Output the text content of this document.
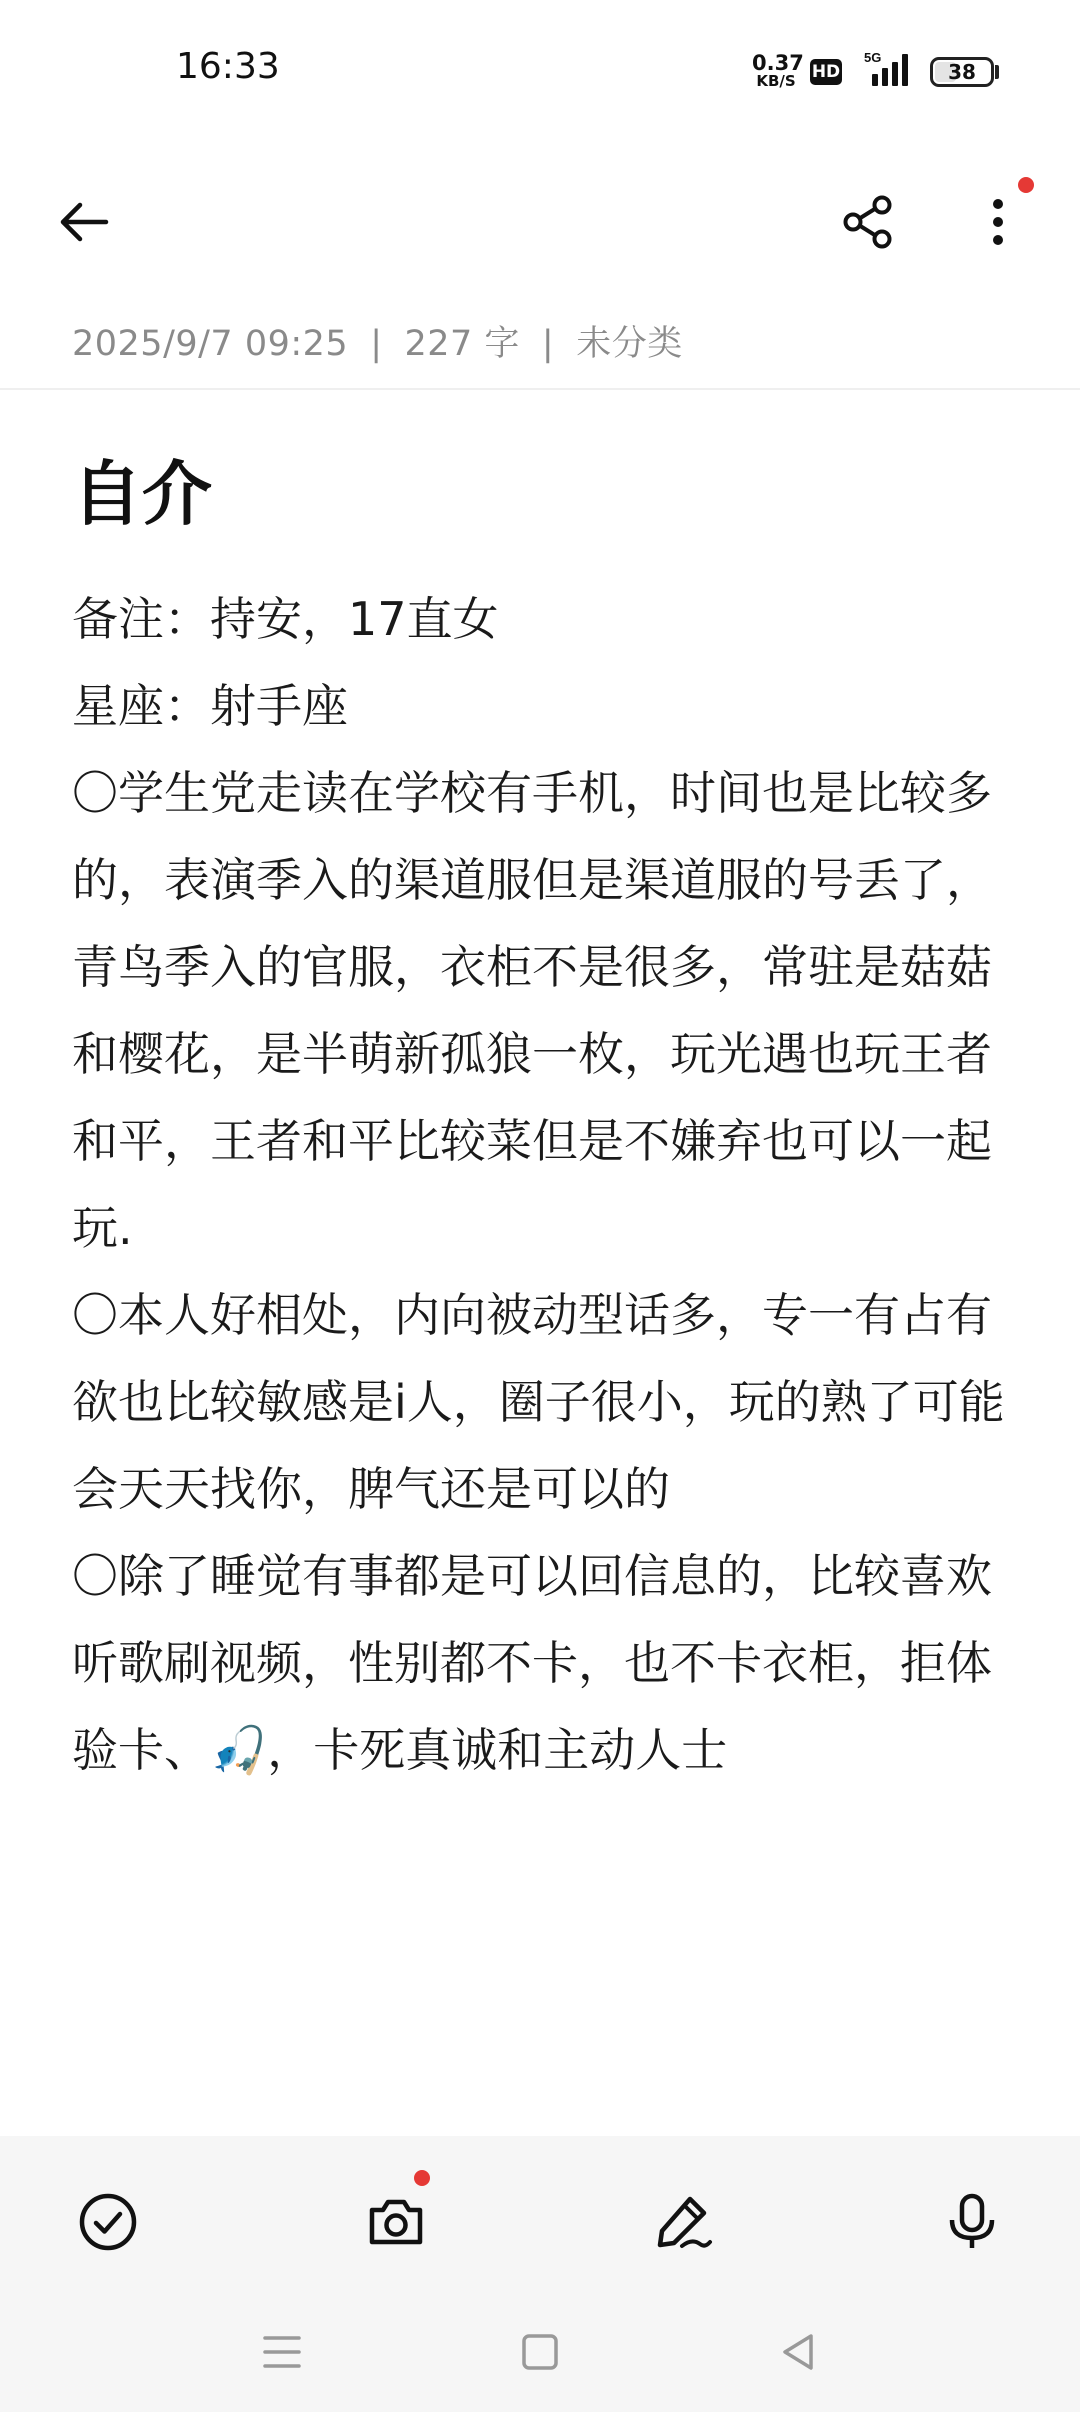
16:33	0.37
KB/S HD
5G
38
2025/9/7 09:25 | 227 字 | 未分类
自介

备注：持安，17直女

星座：射手座

〇学生党走读在学校有手机，时间也是比较多的，表演季入的渠道服但是渠道服的号丢了，青鸟季入的官服，衣柜不是很多，常驻是菇菇和樱花，是半萌新孤狼一枚，玩光遇也玩王者和平，王者和平比较菜但是不嫌弃也可以一起玩.

〇本人好相处，内向被动型话多，专一有占有欲也比较敏感是i人，圈子很小，玩的熟了可能会天天找你，脾气还是可以的

〇除了睡觉有事都是可以回信息的，比较喜欢听歌刷视频，性别都不卡，也不卡衣柜，拒体验卡、🎣，卡死真诚和主动人士
